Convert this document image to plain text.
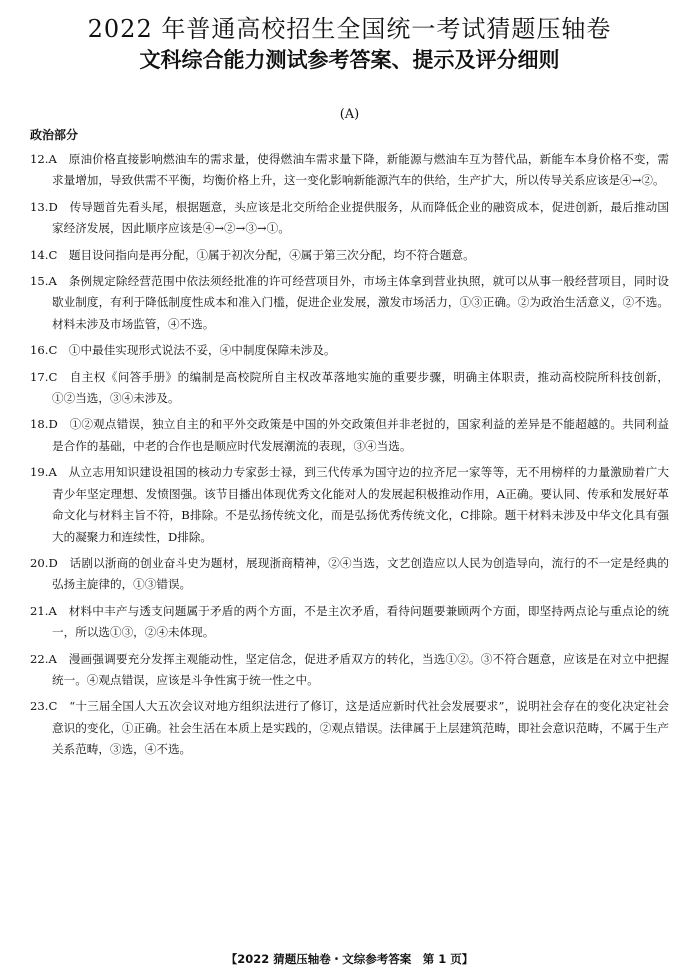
2022 年普通高校招生全国统一考试猜题压轴卷
文科综合能力测试参考答案、提示及评分细则
(A)
政治部分
12.A　 原油价格直接影响燃油车的需求量，使得燃油车需求量下降，新能源与燃油车互为替代品，新能车本身价格不变，需求量增加，导致供需不平衡，均衡价格上升，这一变化影响新能源汽车的供给，生产扩大，所以传导关系应该是④→②。
13.D　 传导题首先看头尾，根据题意，头应该是北交所给企业提供服务，从而降低企业的融资成本，促进创新，最后推动国家经济发展，因此顺序应该是④→②→③→①。
14.C　 题目设问指向是再分配，①属于初次分配，④属于第三次分配，均不符合题意。
15.A　 条例规定除经营范围中依法须经批准的许可经营项目外，市场主体拿到营业执照，就可以从事一般经营项目，同时设歇业制度，有利于降低制度性成本和准入门槛，促进企业发展，激发市场活力，①③正确。②为政治生活意义，②不选。材料未涉及市场监管，④不选。
16.C　 ①中最佳实现形式说法不妥，④中制度保障未涉及。
17.C　 自主权《问答手册》的编制是高校院所自主权改革落地实施的重要步骤，明确主体职责，推动高校院所科技创新，①②当选，③④未涉及。
18.D　 ①②观点错误，独立自主的和平外交政策是中国的外交政策但并非老挝的，国家利益的差异是不能超越的。共同利益是合作的基础，中老的合作也是顺应时代发展潮流的表现，③④当选。
19.A　 从立志用知识建设祖国的核动力专家彭士禄，到三代传承为国守边的拉齐尼一家等等，无不用榜样的力量激励着广大青少年坚定理想、发愤图强。该节目播出体现优秀文化能对人的发展起积极推动作用，A正确。要认同、传承和发展好革命文化与材料主旨不符，B排除。不是弘扬传统文化，而是弘扬优秀传统文化，C排除。题干材料未涉及中华文化具有强大的凝聚力和连续性，D排除。
20.D　 话剧以浙商的创业奋斗史为题材，展现浙商精神，②④当选，文艺创造应以人民为创造导向，流行的不一定是经典的弘扬主旋律的，①③错误。
21.A　 材料中丰产与透支问题属于矛盾的两个方面，不是主次矛盾，看待问题要兼顾两个方面，即坚持两点论与重点论的统一，所以选①③，②④未体现。
22.A　 漫画强调要充分发挥主观能动性，坚定信念，促进矛盾双方的转化，当选①②。③不符合题意，应该是在对立中把握统一。④观点错误，应该是斗争性寓于统一性之中。
23.C　 “十三届全国人大五次会议对地方组织法进行了修订，这是适应新时代社会发展要求”，说明社会存在的变化决定社会意识的变化，①正确。社会生活在本质上是实践的，②观点错误。法律属于上层建筑范畴，即社会意识范畴，不属于生产关系范畴，③选，④不选。
【2022 猜题压轴卷・文综参考答案　第 1 页】
